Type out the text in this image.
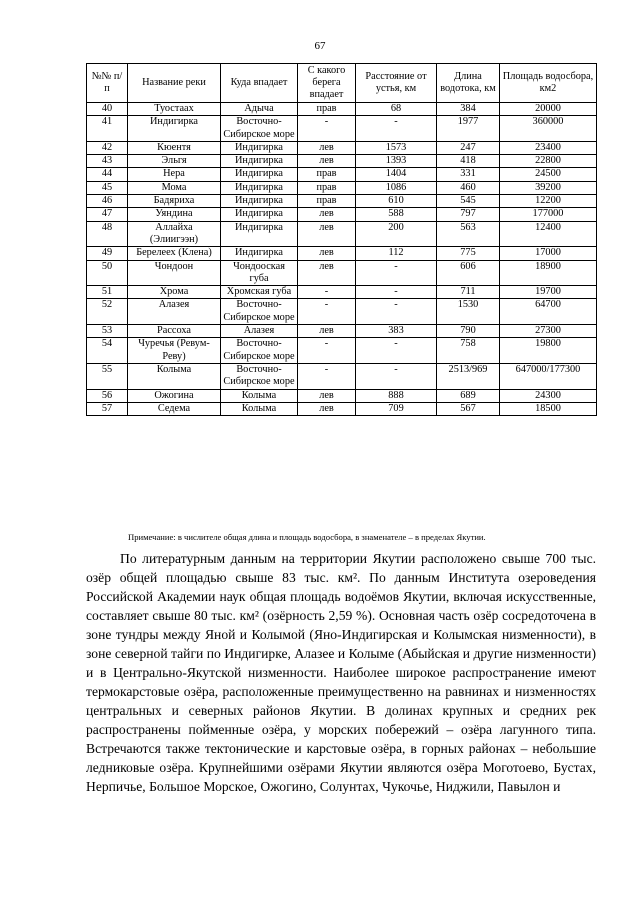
67
№№ п/п	Название реки	Куда впадает	С какого берега впадает	Расстояние от устья, км	Длина водотока, км	Площадь водосбора, км2
40	Туостаах	Адыча	прав	68	384	20000
41	Индигирка	Восточно-Сибирское море	-	-	1977	360000
42	Кюентя	Индигирка	лев	1573	247	23400
43	Эльгя	Индигирка	лев	1393	418	22800
44	Нера	Индигирка	прав	1404	331	24500
45	Мома	Индигирка	прав	1086	460	39200
46	Бадяриха	Индигирка	прав	610	545	12200
47	Уяндина	Индигирка	лев	588	797	177000
48	Аллайха (Элиигээн)	Индигирка	лев	200	563	12400
49	Берелеех (Клена)	Индигирка	лев	112	775	17000
50	Чондоон	Чондооская губа	лев	-	606	18900
51	Хрома	Хромская губа	-	-	711	19700
52	Алазея	Восточно-Сибирское море	-	-	1530	64700
53	Рассоха	Алазея	лев	383	790	27300
54	Чуречья (Ревум-Реву)	Восточно-Сибирское море	-	-	758	19800
55	Колыма	Восточно-Сибирское море	-	-	2513/969	647000/177300
56	Ожогина	Колыма	лев	888	689	24300
57	Седема	Колыма	лев	709	567	18500
Примечание: в числителе общая длина и площадь водосбора, в знаменателе – в пределах Якутии.

По литературным данным на территории Якутии расположено свыше 700 тыс. озёр общей площадью свыше 83 тыс. км². По данным Института озероведения Российской Академии наук общая площадь водоёмов Якутии, включая искусственные, составляет свыше 80 тыс. км² (озёрность 2,59 %). Основная часть озёр сосредоточена в зоне тундры между Яной и Колымой (Яно-Индигирская и Колымская низменности), в зоне северной тайги по Индигирке, Алазее и Колыме (Абыйская и другие низменности) и в Центрально-Якутской низменности. Наиболее широкое распространение имеют термокарстовые озёра, расположенные преимущественно на равнинах и низменностях центральных и северных районов Якутии. В долинах крупных и средних рек распространены пойменные озёра, у морских побережий – озёра лагунного типа. Встречаются также тектонические и карстовые озёра, в горных районах – небольшие ледниковые озёра. Крупнейшими озёрами Якутии являются озёра Моготоево, Бустах, Нерпичье, Большое Морское, Ожогино, Солунтах, Чукочье, Ниджили, Павылон и
